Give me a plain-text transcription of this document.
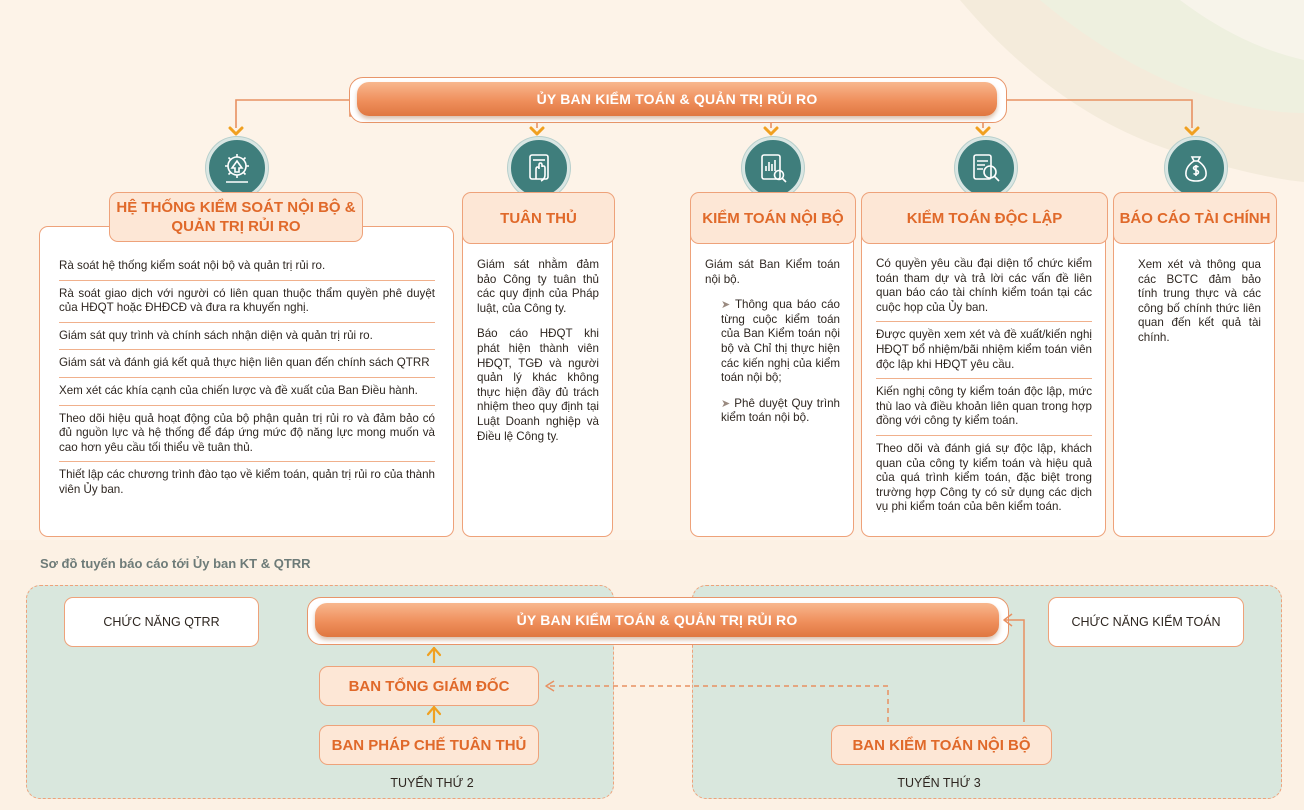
ỦY BAN KIỂM TOÁN & QUẢN TRỊ RỦI RO
Rà soát hệ thống kiểm soát nội bộ và quản trị rủi ro.
Rà soát giao dịch với người có liên quan thuộc thẩm quyền phê duyệt của HĐQT hoặc ĐHĐCĐ và đưa ra khuyến nghị.
Giám sát quy trình và chính sách nhận diện và quản trị rủi ro.
Giám sát và đánh giá kết quả thực hiện liên quan đến chính sách QTRR
Xem xét các khía cạnh của chiến lược và đề xuất của Ban Điều hành.
Theo dõi hiệu quả hoạt động của bộ phận quản trị rủi ro và đảm bảo có đủ nguồn lực và hệ thống để đáp ứng mức độ năng lực mong muốn và cao hơn yêu cầu tối thiểu về tuân thủ.
Thiết lập các chương trình đào tạo về kiểm toán, quản trị rủi ro của thành viên Ủy ban.
HỆ THỐNG KIỂM SOÁT NỘI BỘ & QUẢN TRỊ RỦI RO

Giám sát nhằm đảm bảo Công ty tuân thủ các quy định của Pháp luật, của Công ty.

Báo cáo HĐQT khi phát hiện thành viên HĐQT, TGĐ và người quản lý khác không thực hiện đầy đủ trách nhiệm theo quy định tại Luật Doanh nghiệp và Điều lệ Công ty.

TUÂN THỦ

Giám sát Ban Kiểm toán nội bộ.

➤ Thông qua báo cáo từng cuộc kiểm toán của Ban Kiểm toán nội bộ và Chỉ thị thực hiện các kiến nghị của kiểm toán nội bộ;
➤ Phê duyệt Quy trình kiểm toán nội bộ.
KIỂM TOÁN NỘI BỘ
Có quyền yêu cầu đại diện tổ chức kiểm toán tham dự và trả lời các vấn đề liên quan báo cáo tài chính kiểm toán tại các cuộc họp của Ủy ban.
Được quyền xem xét và đề xuất/kiến nghị HĐQT bổ nhiệm/bãi nhiệm kiểm toán viên độc lập khi HĐQT yêu cầu.
Kiến nghị công ty kiểm toán độc lập, mức thù lao và điều khoản liên quan trong hợp đồng với công ty kiểm toán.
Theo dõi và đánh giá sự độc lập, khách quan của công ty kiểm toán và hiệu quả của quá trình kiểm toán, đặc biệt trong trường hợp Công ty có sử dụng các dịch vụ phi kiểm toán của bên kiểm toán.
KIỂM TOÁN ĐỘC LẬP

Xem xét và thông qua các BCTC đảm bảo tính trung thực và các công bố chính thức liên quan đến kết quả tài chính.

BÁO CÁO TÀI CHÍNH
Sơ đồ tuyến báo cáo tới Ủy ban KT & QTRR
CHỨC NĂNG QTRR	CHỨC NĂNG KIỂM TOÁN
ỦY BAN KIỂM TOÁN & QUẢN TRỊ RỦI RO
BAN TỔNG GIÁM ĐỐC
BAN PHÁP CHẾ TUÂN THỦ	BAN KIỂM TOÁN NỘI BỘ
TUYẾN THỨ 2	TUYẾN THỨ 3
